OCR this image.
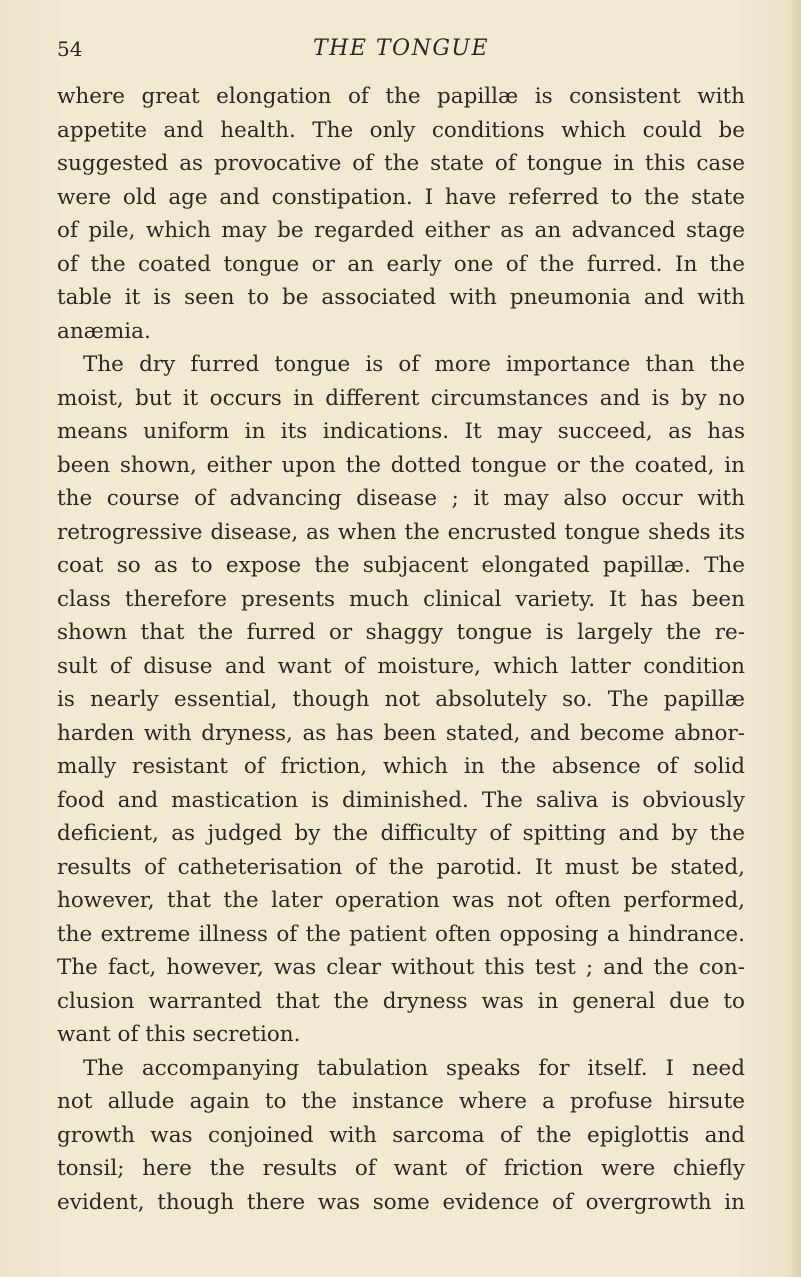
54	THE TONGUE
where great elongation of the papillæ is consistent with
appetite and health. The only conditions which could be
suggested as provocative of the state of tongue in this case
were old age and constipation. I have referred to the state
of pile, which may be regarded either as an advanced stage
of the coated tongue or an early one of the furred. In the
table it is seen to be associated with pneumonia and with
anæmia.
The dry furred tongue is of more importance than the
moist, but it occurs in different circumstances and is by no
means uniform in its indications. It may succeed, as has
been shown, either upon the dotted tongue or the coated, in
the course of advancing disease ; it may also occur with
retrogressive disease, as when the encrusted tongue sheds its
coat so as to expose the subjacent elongated papillæ. The
class therefore presents much clinical variety. It has been
shown that the furred or shaggy tongue is largely the re-
sult of disuse and want of moisture, which latter condition
is nearly essential, though not absolutely so. The papillæ
harden with dryness, as has been stated, and become abnor-
mally resistant of friction, which in the absence of solid
food and mastication is diminished. The saliva is obviously
deficient, as judged by the difficulty of spitting and by the
results of catheterisation of the parotid. It must be stated,
however, that the later operation was not often performed,
the extreme illness of the patient often opposing a hindrance.
The fact, however, was clear without this test ; and the con-
clusion warranted that the dryness was in general due to
want of this secretion.
The accompanying tabulation speaks for itself. I need
not allude again to the instance where a profuse hirsute
growth was conjoined with sarcoma of the epiglottis and
tonsil; here the results of want of friction were chiefly
evident, though there was some evidence of overgrowth in
